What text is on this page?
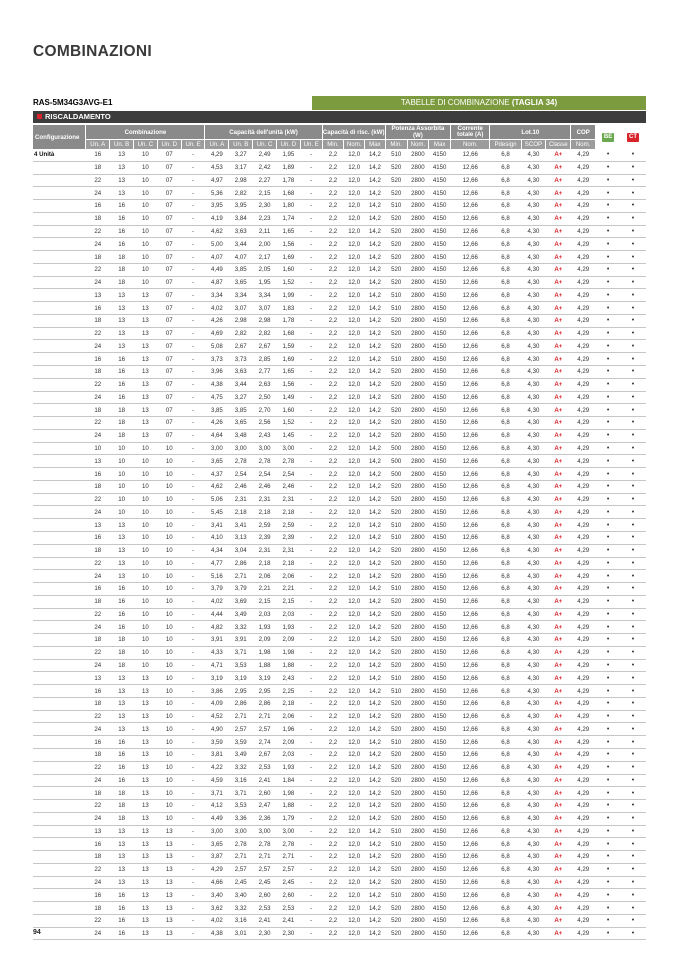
COMBINAZIONI
RAS-5M34G3AVG-E1	TABELLE DI COMBINAZIONE (TAGLIA 34)
RISCALDAMENTO
Configurazione	Combinazione					Capacità dell'unità (kW)					Capacità di risc. (kW)			Potenza Assorbita (W)			Corrente totale (A)	Lot.10			COP	BE	CT
	Un. A	Un. B	Un. C	Un. D	Un. E	Un. A	Un. B	Un. C	Un. D	Un. E	Min.	Nom.	Max	Min.	Nom.	Max	Nom.	Pdesign	SCOP	Classe	Nom.		
4 Unità	16	13	10	07	-	4,29	3,27	2,49	1,95	-	2,2	12,0	14,2	510	2800	4150	12,66	6,8	4,30	A+	4,29	•	•
	18	13	10	07	-	4,53	3,17	2,42	1,89	-	2,2	12,0	14,2	520	2800	4150	12,66	6,8	4,30	A+	4,29	•	•
	22	13	10	07	-	4,97	2,98	2,27	1,78	-	2,2	12,0	14,2	520	2800	4150	12,66	6,8	4,30	A+	4,29	•	•
	24	13	10	07	-	5,36	2,82	2,15	1,68	-	2,2	12,0	14,2	520	2800	4150	12,66	6,8	4,30	A+	4,29	•	•
	16	16	10	07	-	3,95	3,95	2,30	1,80	-	2,2	12,0	14,2	510	2800	4150	12,66	6,8	4,30	A+	4,29	•	•
	18	16	10	07	-	4,19	3,84	2,23	1,74	-	2,2	12,0	14,2	520	2800	4150	12,66	6,8	4,30	A+	4,29	•	•
	22	16	10	07	-	4,62	3,63	2,11	1,65	-	2,2	12,0	14,2	520	2800	4150	12,66	6,8	4,30	A+	4,29	•	•
	24	16	10	07	-	5,00	3,44	2,00	1,56	-	2,2	12,0	14,2	520	2800	4150	12,66	6,8	4,30	A+	4,29	•	•
	18	18	10	07	-	4,07	4,07	2,17	1,69	-	2,2	12,0	14,2	520	2800	4150	12,66	6,8	4,30	A+	4,29	•	•
	22	18	10	07	-	4,49	3,85	2,05	1,60	-	2,2	12,0	14,2	520	2800	4150	12,66	6,8	4,30	A+	4,29	•	•
	24	18	10	07	-	4,87	3,65	1,95	1,52	-	2,2	12,0	14,2	520	2800	4150	12,66	6,8	4,30	A+	4,29	•	•
	13	13	13	07	-	3,34	3,34	3,34	1,99	-	2,2	12,0	14,2	510	2800	4150	12,66	6,8	4,30	A+	4,29	•	•
	16	13	13	07	-	4,02	3,07	3,07	1,83	-	2,2	12,0	14,2	510	2800	4150	12,66	6,8	4,30	A+	4,29	•	•
	18	13	13	07	-	4,26	2,98	2,98	1,78	-	2,2	12,0	14,2	520	2800	4150	12,66	6,8	4,30	A+	4,29	•	•
	22	13	13	07	-	4,69	2,82	2,82	1,68	-	2,2	12,0	14,2	520	2800	4150	12,66	6,8	4,30	A+	4,29	•	•
	24	13	13	07	-	5,08	2,67	2,67	1,59	-	2,2	12,0	14,2	520	2800	4150	12,66	6,8	4,30	A+	4,29	•	•
	16	16	13	07	-	3,73	3,73	2,85	1,69	-	2,2	12,0	14,2	510	2800	4150	12,66	6,8	4,30	A+	4,29	•	•
	18	16	13	07	-	3,96	3,63	2,77	1,65	-	2,2	12,0	14,2	520	2800	4150	12,66	6,8	4,30	A+	4,29	•	•
	22	16	13	07	-	4,38	3,44	2,63	1,56	-	2,2	12,0	14,2	520	2800	4150	12,66	6,8	4,30	A+	4,29	•	•
	24	16	13	07	-	4,75	3,27	2,50	1,49	-	2,2	12,0	14,2	520	2800	4150	12,66	6,8	4,30	A+	4,29	•	•
	18	18	13	07	-	3,85	3,85	2,70	1,60	-	2,2	12,0	14,2	520	2800	4150	12,66	6,8	4,30	A+	4,29	•	•
	22	18	13	07	-	4,26	3,65	2,56	1,52	-	2,2	12,0	14,2	520	2800	4150	12,66	6,8	4,30	A+	4,29	•	•
	24	18	13	07	-	4,64	3,48	2,43	1,45	-	2,2	12,0	14,2	520	2800	4150	12,66	6,8	4,30	A+	4,29	•	•
	10	10	10	10	-	3,00	3,00	3,00	3,00	-	2,2	12,0	14,2	500	2800	4150	12,66	6,8	4,30	A+	4,29	•	•
	13	10	10	10	-	3,65	2,78	2,78	2,78	-	2,2	12,0	14,2	500	2800	4150	12,66	6,8	4,30	A+	4,29	•	•
	16	10	10	10	-	4,37	2,54	2,54	2,54	-	2,2	12,0	14,2	500	2800	4150	12,66	6,8	4,30	A+	4,29	•	•
	18	10	10	10	-	4,62	2,46	2,46	2,46	-	2,2	12,0	14,2	520	2800	4150	12,66	6,8	4,30	A+	4,29	•	•
	22	10	10	10	-	5,06	2,31	2,31	2,31	-	2,2	12,0	14,2	520	2800	4150	12,66	6,8	4,30	A+	4,29	•	•
	24	10	10	10	-	5,45	2,18	2,18	2,18	-	2,2	12,0	14,2	520	2800	4150	12,66	6,8	4,30	A+	4,29	•	•
	13	13	10	10	-	3,41	3,41	2,59	2,59	-	2,2	12,0	14,2	510	2800	4150	12,66	6,8	4,30	A+	4,29	•	•
	16	13	10	10	-	4,10	3,13	2,39	2,39	-	2,2	12,0	14,2	510	2800	4150	12,66	6,8	4,30	A+	4,29	•	•
	18	13	10	10	-	4,34	3,04	2,31	2,31	-	2,2	12,0	14,2	520	2800	4150	12,66	6,8	4,30	A+	4,29	•	•
	22	13	10	10	-	4,77	2,86	2,18	2,18	-	2,2	12,0	14,2	520	2800	4150	12,66	6,8	4,30	A+	4,29	•	•
	24	13	10	10	-	5,16	2,71	2,06	2,06	-	2,2	12,0	14,2	520	2800	4150	12,66	6,8	4,30	A+	4,29	•	•
	16	16	10	10	-	3,79	3,79	2,21	2,21	-	2,2	12,0	14,2	510	2800	4150	12,66	6,8	4,30	A+	4,29	•	•
	18	16	10	10	-	4,02	3,69	2,15	2,15	-	2,2	12,0	14,2	520	2800	4150	12,66	6,8	4,30	A+	4,29	•	•
	22	16	10	10	-	4,44	3,49	2,03	2,03	-	2,2	12,0	14,2	520	2800	4150	12,66	6,8	4,30	A+	4,29	•	•
	24	16	10	10	-	4,82	3,32	1,93	1,93	-	2,2	12,0	14,2	520	2800	4150	12,66	6,8	4,30	A+	4,29	•	•
	18	18	10	10	-	3,91	3,91	2,09	2,09	-	2,2	12,0	14,2	520	2800	4150	12,66	6,8	4,30	A+	4,29	•	•
	22	18	10	10	-	4,33	3,71	1,98	1,98	-	2,2	12,0	14,2	520	2800	4150	12,66	6,8	4,30	A+	4,29	•	•
	24	18	10	10	-	4,71	3,53	1,88	1,88	-	2,2	12,0	14,2	520	2800	4150	12,66	6,8	4,30	A+	4,29	•	•
	13	13	13	10	-	3,19	3,19	3,19	2,43	-	2,2	12,0	14,2	510	2800	4150	12,66	6,8	4,30	A+	4,29	•	•
	16	13	13	10	-	3,86	2,95	2,95	2,25	-	2,2	12,0	14,2	510	2800	4150	12,66	6,8	4,30	A+	4,29	•	•
	18	13	13	10	-	4,09	2,86	2,86	2,18	-	2,2	12,0	14,2	520	2800	4150	12,66	6,8	4,30	A+	4,29	•	•
	22	13	13	10	-	4,52	2,71	2,71	2,06	-	2,2	12,0	14,2	520	2800	4150	12,66	6,8	4,30	A+	4,29	•	•
	24	13	13	10	-	4,90	2,57	2,57	1,96	-	2,2	12,0	14,2	520	2800	4150	12,66	6,8	4,30	A+	4,29	•	•
	16	16	13	10	-	3,59	3,59	2,74	2,09	-	2,2	12,0	14,2	510	2800	4150	12,66	6,8	4,30	A+	4,29	•	•
	18	16	13	10	-	3,81	3,49	2,67	2,03	-	2,2	12,0	14,2	520	2800	4150	12,66	6,8	4,30	A+	4,29	•	•
	22	16	13	10	-	4,22	3,32	2,53	1,93	-	2,2	12,0	14,2	520	2800	4150	12,66	6,8	4,30	A+	4,29	•	•
	24	16	13	10	-	4,59	3,16	2,41	1,84	-	2,2	12,0	14,2	520	2800	4150	12,66	6,8	4,30	A+	4,29	•	•
	18	18	13	10	-	3,71	3,71	2,60	1,98	-	2,2	12,0	14,2	520	2800	4150	12,66	6,8	4,30	A+	4,29	•	•
	22	18	13	10	-	4,12	3,53	2,47	1,88	-	2,2	12,0	14,2	520	2800	4150	12,66	6,8	4,30	A+	4,29	•	•
	24	18	13	10	-	4,49	3,36	2,36	1,79	-	2,2	12,0	14,2	520	2800	4150	12,66	6,8	4,30	A+	4,29	•	•
	13	13	13	13	-	3,00	3,00	3,00	3,00	-	2,2	12,0	14,2	510	2800	4150	12,66	6,8	4,30	A+	4,29	•	•
	16	13	13	13	-	3,65	2,78	2,78	2,78	-	2,2	12,0	14,2	510	2800	4150	12,66	6,8	4,30	A+	4,29	•	•
	18	13	13	13	-	3,87	2,71	2,71	2,71	-	2,2	12,0	14,2	520	2800	4150	12,66	6,8	4,30	A+	4,29	•	•
	22	13	13	13	-	4,29	2,57	2,57	2,57	-	2,2	12,0	14,2	520	2800	4150	12,66	6,8	4,30	A+	4,29	•	•
	24	13	13	13	-	4,66	2,45	2,45	2,45	-	2,2	12,0	14,2	520	2800	4150	12,66	6,8	4,30	A+	4,29	•	•
	16	16	13	13	-	3,40	3,40	2,60	2,60	-	2,2	12,0	14,2	510	2800	4150	12,66	6,8	4,30	A+	4,29	•	•
	18	16	13	13	-	3,62	3,32	2,53	2,53	-	2,2	12,0	14,2	520	2800	4150	12,66	6,8	4,30	A+	4,29	•	•
	22	16	13	13	-	4,02	3,16	2,41	2,41	-	2,2	12,0	14,2	520	2800	4150	12,66	6,8	4,30	A+	4,29	•	•
	24	16	13	13	-	4,38	3,01	2,30	2,30	-	2,2	12,0	14,2	520	2800	4150	12,66	6,8	4,30	A+	4,29	•	•
94
